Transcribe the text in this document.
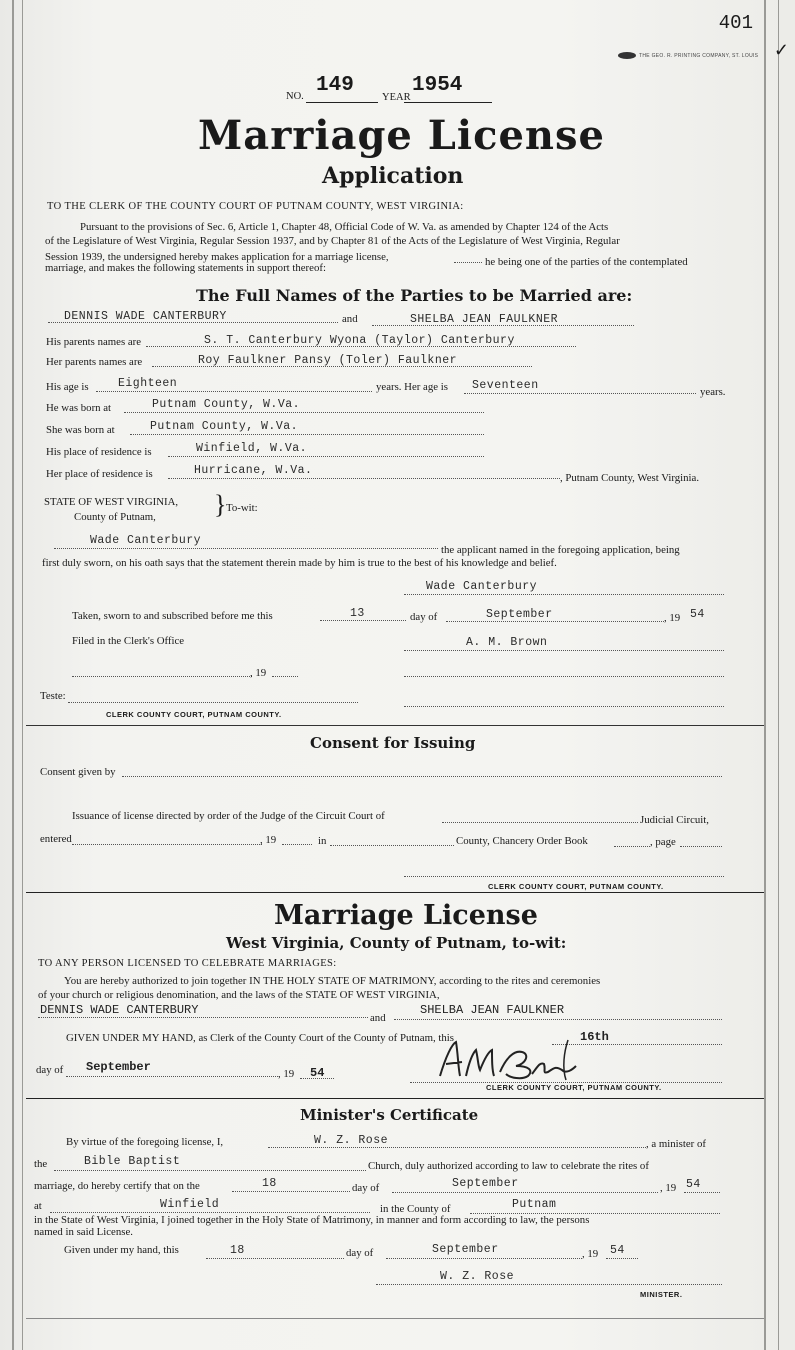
401
✓
THE GEO. R. PRINTING COMPANY, ST. LOUIS
NO. 149
YEAR
1954
Marriage License
Application
TO THE CLERK OF THE COUNTY COURT OF PUTNAM COUNTY, WEST VIRGINIA:
Pursuant to the provisions of Sec. 6, Article 1, Chapter 48, Official Code of W. Va. as amended by Chapter 124 of the Acts
of the Legislature of West Virginia, Regular Session 1937, and by Chapter 81 of the Acts of the Legislature of West Virginia, Regular
Session 1939, the undersigned hereby makes application for a marriage license,	he being one of the parties of the contemplated
marriage, and makes the following statements in support thereof:
The Full Names of the Parties to be Married are:
DENNIS WADE CANTERBURY	and	SHELBA JEAN FAULKNER
His parents names are	S. T. Canterbury Wyona (Taylor) Canterbury
Her parents names are	Roy Faulkner Pansy (Toler) Faulkner
His age is	Eighteen	years. Her age is Seventeen	years.
He was born at	Putnam County, W.Va.
She was born at	Putnam County, W.Va.
His place of residence is	Winfield, W.Va.
Her place of residence is	Hurricane, W.Va.
, Putnam County, West Virginia.
STATE OF WEST VIRGINIA,
County of Putnam, } To-wit:
Wade Canterbury
the applicant named in the foregoing application, being
first duly sworn, on his oath says that the statement therein made by him is true to the best of his knowledge and belief.
Wade Canterbury
Taken, sworn to and subscribed before me this	13	day of	September	, 19 54
Filed in the Clerk's Office	A. M. Brown
, 19
Teste:
CLERK COUNTY COURT, PUTNAM COUNTY.
Consent for Issuing
Consent given by
Issuance of license directed by order of the Judge of the Circuit Court of	Judicial Circuit,
entered	, 19	in	County, Chancery Order Book	, page
CLERK COUNTY COURT, PUTNAM COUNTY.
Marriage License
West Virginia, County of Putnam, to-wit:
TO ANY PERSON LICENSED TO CELEBRATE MARRIAGES:
You are hereby authorized to join together IN THE HOLY STATE OF MATRIMONY, according to the rites and ceremonies
of your church or religious denomination, and the laws of the STATE OF WEST VIRGINIA,
DENNIS WADE CANTERBURY
and
SHELBA JEAN FAULKNER
GIVEN UNDER MY HAND, as Clerk of the County Court of the County of Putnam, this	16th
day of September	, 19 54
CLERK COUNTY COURT, PUTNAM COUNTY.
Minister's Certificate
By virtue of the foregoing license, I,	W. Z. Rose	, a minister of
the	Bible Baptist	Church, duly authorized according to law to celebrate the rites of
marriage, do hereby certify that on the	18	day of	September	, 19 54
at	Winfield	in the County of	Putnam
in the State of West Virginia, I joined together in the Holy State of Matrimony, in manner and form according to law, the persons
named in said License.
Given under my hand, this	18	day of	September	, 19 54
W. Z. Rose
MINISTER.
